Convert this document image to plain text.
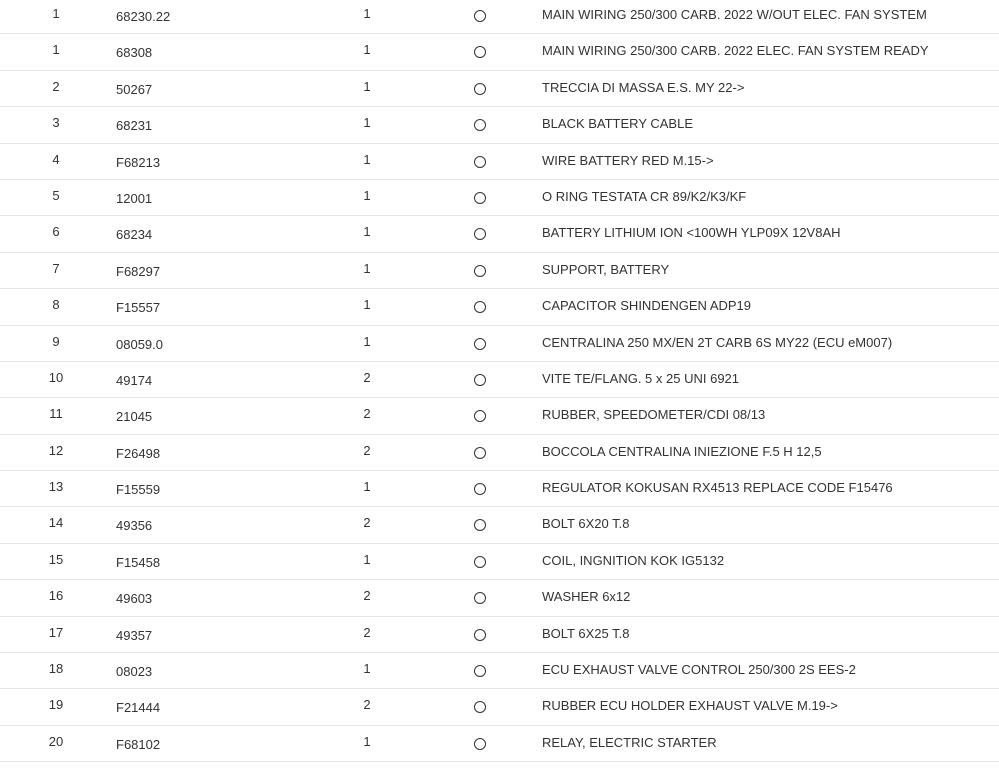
1	68230.22	1	MAIN WIRING 250/300 CARB. 2022 W/OUT ELEC. FAN SYSTEM
1	68308	1	MAIN WIRING 250/300 CARB. 2022 ELEC. FAN SYSTEM READY
2	50267	1	TRECCIA DI MASSA E.S. MY 22->
3	68231	1	BLACK BATTERY CABLE
4	F68213	1	WIRE BATTERY RED M.15->
5	12001	1	O RING TESTATA CR 89/K2/K3/KF
6	68234	1	BATTERY LITHIUM ION <100WH YLP09X 12V8AH
7	F68297	1	SUPPORT, BATTERY
8	F15557	1	CAPACITOR SHINDENGEN ADP19
9	08059.0	1	CENTRALINA 250 MX/EN 2T CARB 6S MY22 (ECU eM007)
10	49174	2	VITE TE/FLANG. 5 x 25 UNI 6921
11	21045	2	RUBBER, SPEEDOMETER/CDI 08/13
12	F26498	2	BOCCOLA CENTRALINA INIEZIONE F.5 H 12,5
13	F15559	1	REGULATOR KOKUSAN RX4513 REPLACE CODE F15476
14	49356	2	BOLT 6X20 T.8
15	F15458	1	COIL, INGNITION KOK IG5132
16	49603	2	WASHER 6x12
17	49357	2	BOLT 6X25 T.8
18	08023	1	ECU EXHAUST VALVE CONTROL 250/300 2S EES-2
19	F21444	2	RUBBER ECU HOLDER EXHAUST VALVE M.19->
20	F68102	1	RELAY, ELECTRIC STARTER
